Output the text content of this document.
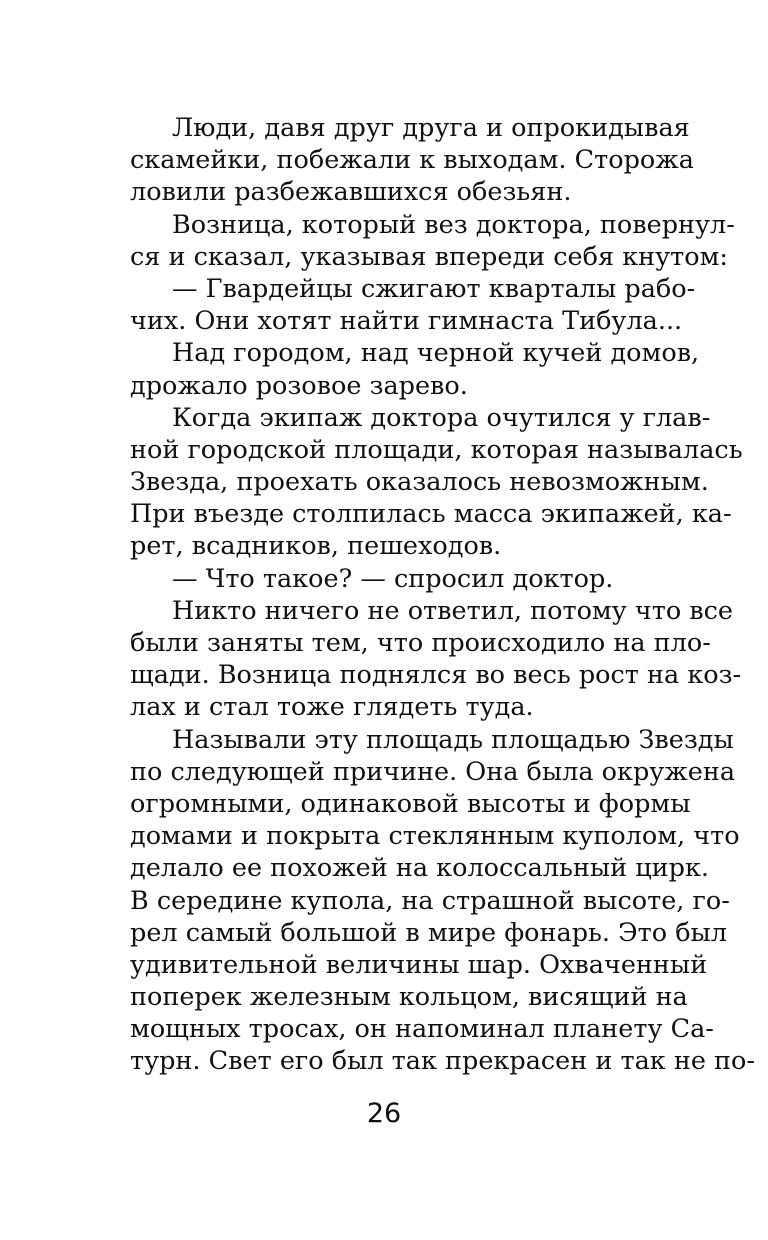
Люди, давя друг друга и опрокидывая
скамейки, побежали к выходам. Сторожа
ловили разбежавшихся обезьян.
Возница, который вез доктора, повернул-
ся и сказал, указывая впереди себя кнутом:
— Гвардейцы сжигают кварталы рабо-
чих. Они хотят найти гимнаста Тибула...
Над городом, над черной кучей домов,
дрожало розовое зарево.
Когда экипаж доктора очутился у глав-
ной городской площади, которая называлась
Звезда, проехать оказалось невозможным.
При въезде столпилась масса экипажей, ка-
рет, всадников, пешеходов.
— Что такое? — спросил доктор.
Никто ничего не ответил, потому что все
были заняты тем, что происходило на пло-
щади. Возница поднялся во весь рост на коз-
лах и стал тоже глядеть туда.
Называли эту площадь площадью Звезды
по следующей причине. Она была окружена
огромными, одинаковой высоты и формы
домами и покрыта стеклянным куполом, что
делало ее похожей на колоссальный цирк.
В середине купола, на страшной высоте, го-
рел самый большой в мире фонарь. Это был
удивительной величины шар. Охваченный
поперек железным кольцом, висящий на
мощных тросах, он напоминал планету Са-
турн. Свет его был так прекрасен и так не по-
26
